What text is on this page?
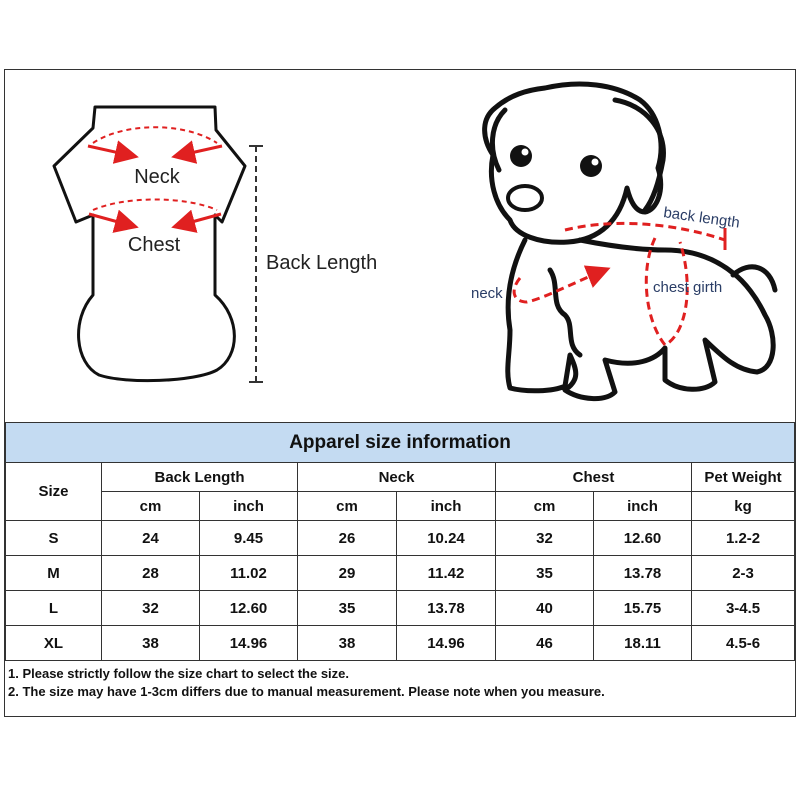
Neck
Chest
Back Length
back length
neck	chest girth
Apparel size information							
Size	Back Length		Neck		Chest		Pet Weight
	cm	inch	cm	inch	cm	inch	kg
S	24	9.45	26	10.24	32	12.60	1.2-2
M	28	11.02	29	11.42	35	13.78	2-3
L	32	12.60	35	13.78	40	15.75	3-4.5
XL	38	14.96	38	14.96	46	18.11	4.5-6
1. Please strictly follow the size chart to select the size.
2. The size may have 1-3cm differs due to manual measurement. Please note when you measure.
